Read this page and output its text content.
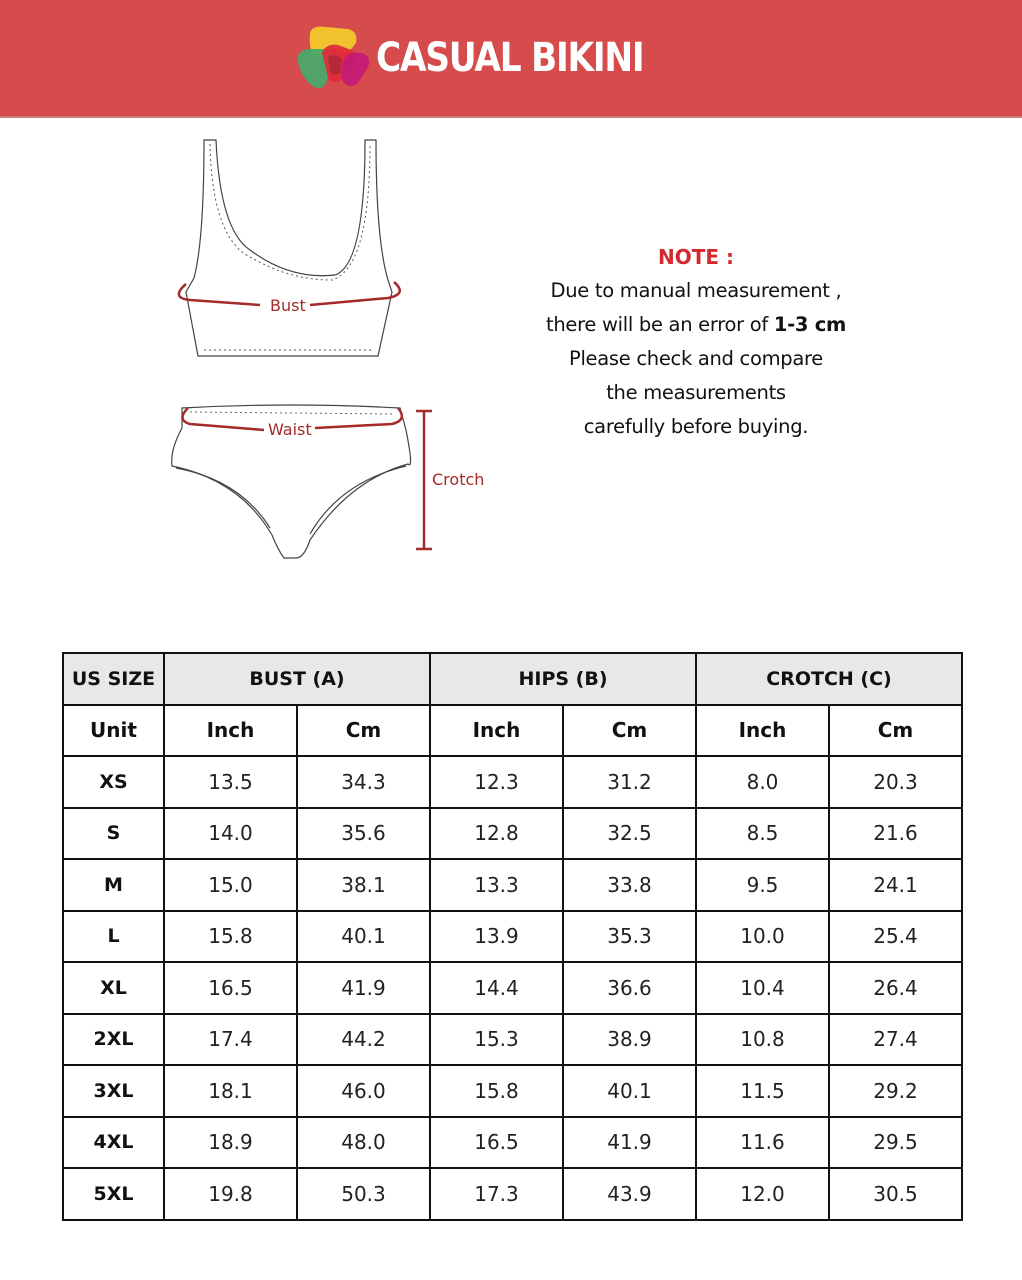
CASUAL BIKINI
Bust
Waist
Crotch
NOTE :
Due to manual measurement ,
there will be an error of 1-3 cm
Please check and compare
the measurements
carefully before buying.
US SIZE	BUST (A)		HIPS (B)		CROTCH (C)	
Unit	Inch	Cm	Inch	Cm	Inch	Cm
XS	13.5	34.3	12.3	31.2	8.0	20.3
S	14.0	35.6	12.8	32.5	8.5	21.6
M	15.0	38.1	13.3	33.8	9.5	24.1
L	15.8	40.1	13.9	35.3	10.0	25.4
XL	16.5	41.9	14.4	36.6	10.4	26.4
2XL	17.4	44.2	15.3	38.9	10.8	27.4
3XL	18.1	46.0	15.8	40.1	11.5	29.2
4XL	18.9	48.0	16.5	41.9	11.6	29.5
5XL	19.8	50.3	17.3	43.9	12.0	30.5
